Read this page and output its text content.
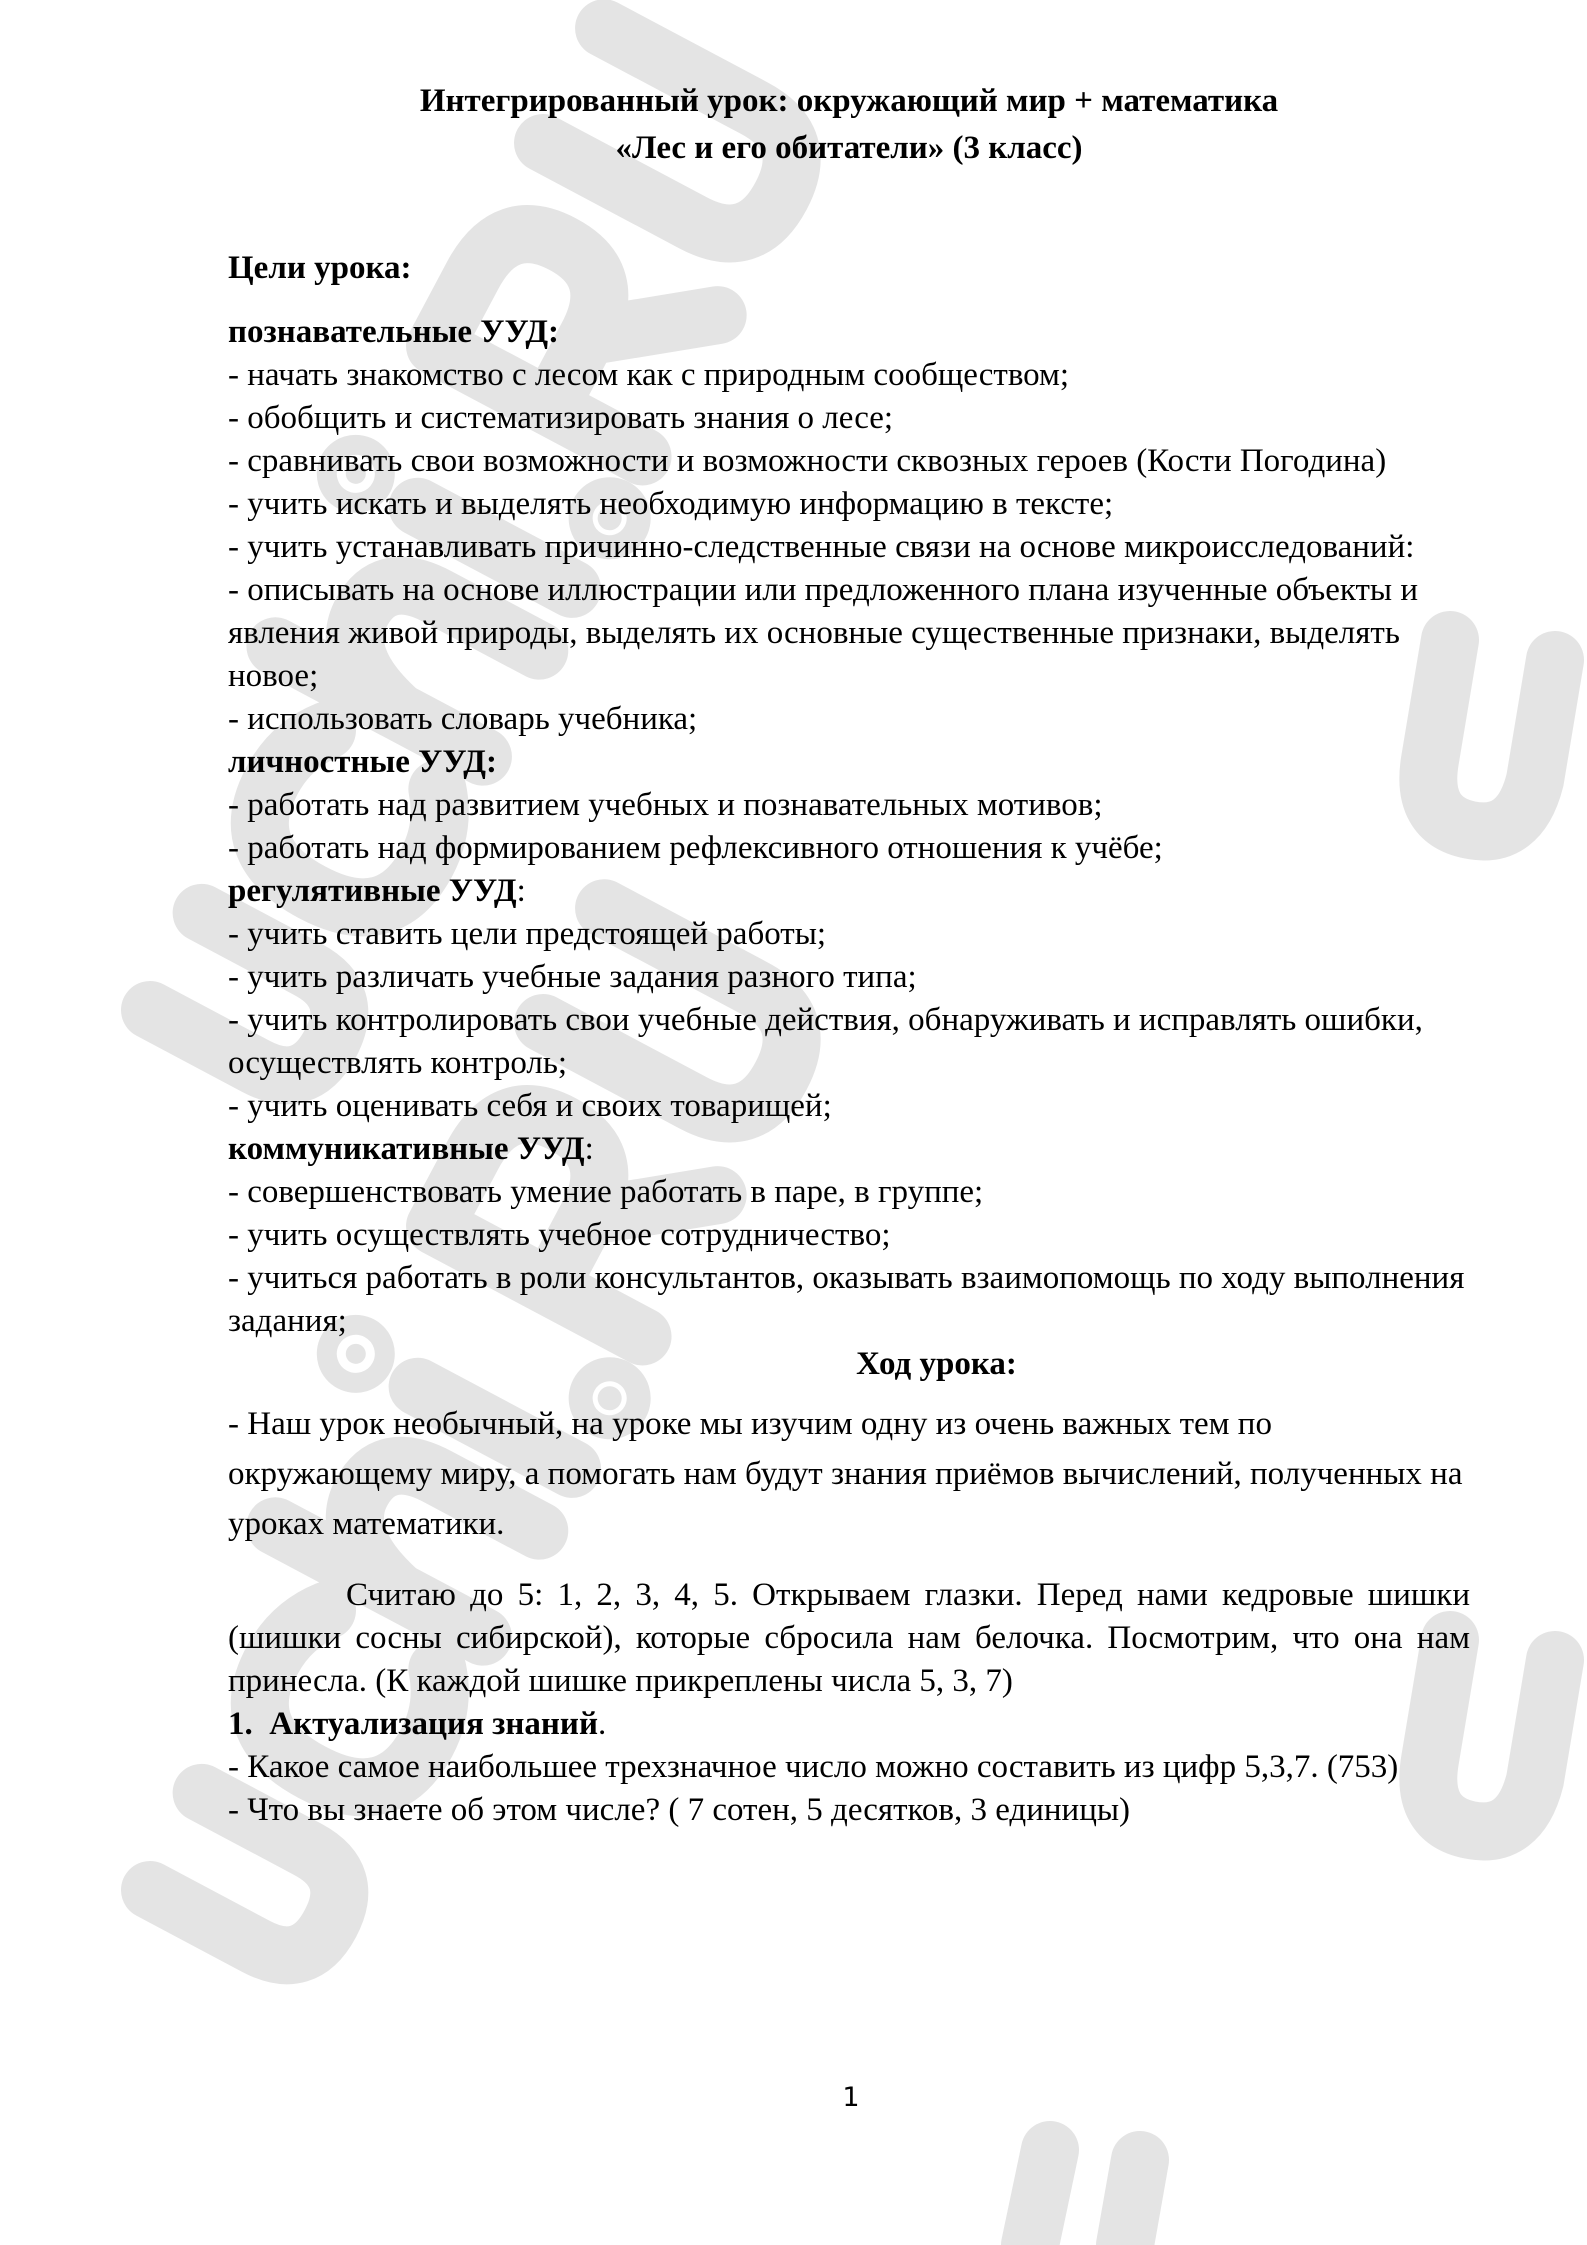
Интегрированный урок: окружающий мир + математика
«Лес и его обитатели» (3 класс)
Цели урока:
познавательные УУД:
- начать знакомство с лесом как с природным сообществом;
- обобщить и систематизировать знания о лесе;
- сравнивать свои возможности и возможности сквозных героев (Кости Погодина)
- учить искать и выделять необходимую информацию в тексте;
- учить устанавливать причинно-следственные связи на основе микроисследований:
- описывать на основе иллюстрации или предложенного плана изученные объекты и явления живой природы, выделять их основные существенные признаки, выделять новое;
- использовать словарь учебника;
личностные УУД:
- работать над развитием учебных и познавательных мотивов;
- работать над формированием рефлексивного отношения к учёбе;
регулятивные УУД:
- учить ставить цели предстоящей работы;
- учить различать учебные задания разного типа;
- учить контролировать свои учебные действия, обнаруживать и исправлять ошибки, осуществлять контроль;
- учить оценивать себя и своих товарищей;
коммуникативные УУД:
- совершенствовать умение работать в паре, в группе;
- учить осуществлять учебное сотрудничество;
- учиться работать в роли консультантов, оказывать взаимопомощь по ходу выполнения задания;
Ход урока:
- Наш урок необычный, на уроке мы изучим одну из очень важных тем по окружающему миру, а помогать нам будут знания приёмов вычислений, полученных на уроках математики.
Считаю до 5: 1, 2, 3, 4, 5. Открываем глазки. Перед нами кедровые шишки (шишки сосны сибирской), которые сбросила нам белочка. Посмотрим, что она нам принесла. (К каждой шишке прикреплены числа 5, 3, 7)
1. Актуализация знаний.
- Какое самое наибольшее трехзначное число можно составить из цифр 5,3,7. (753)
- Что вы знаете об этом числе? ( 7 сотен, 5 десятков, 3 единицы)
1
